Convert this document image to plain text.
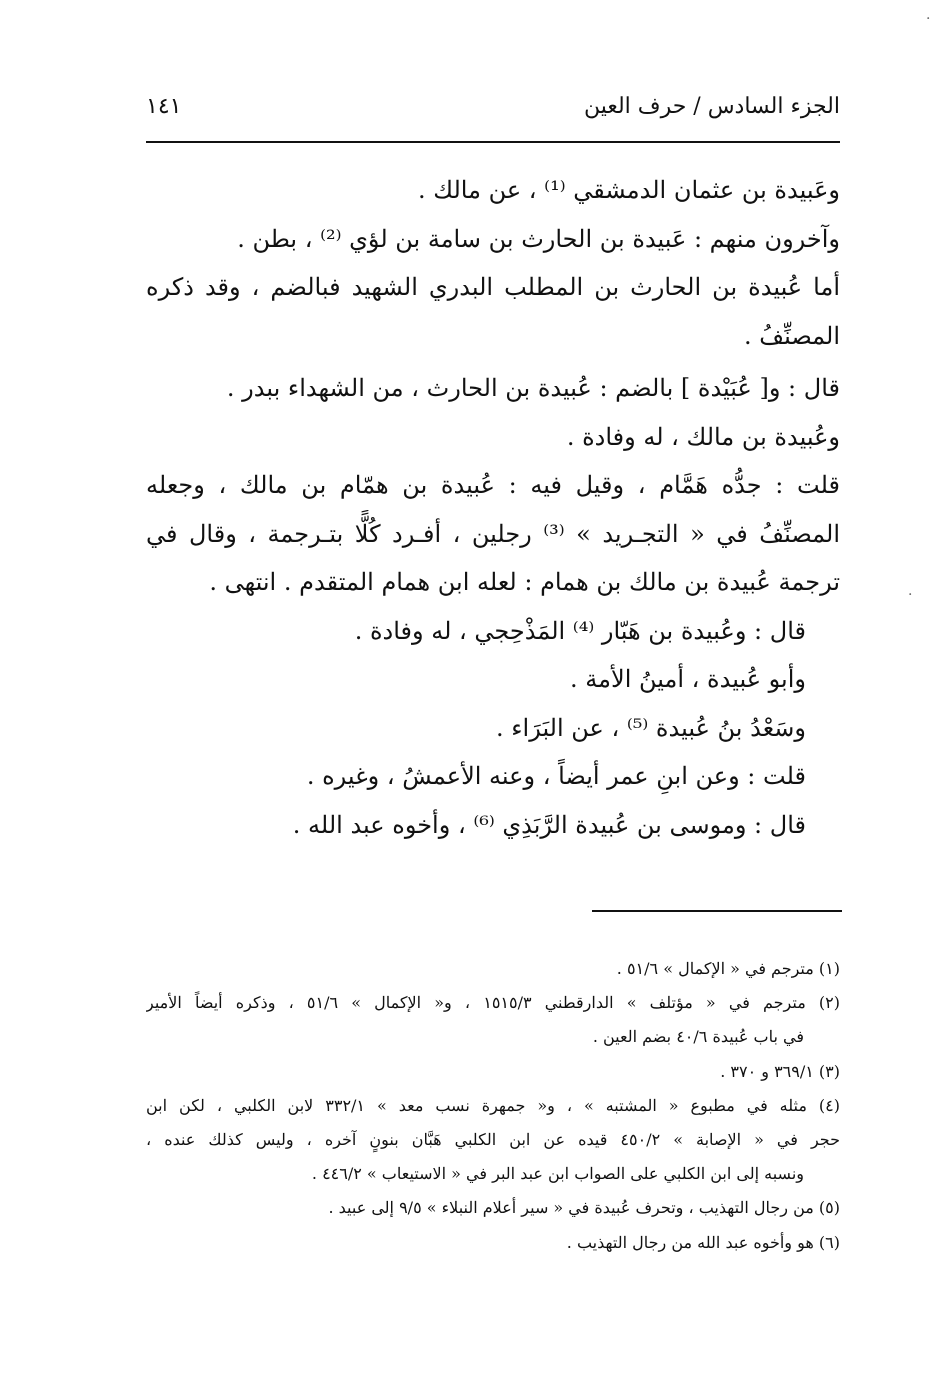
الجزء السادس / حرف العين
١٤١
وعَبيدة بن عثمان الدمشقي ⁽¹⁾ ، عن مالك .
وآخرون منهم : عَبيدة بن الحارث بن سامة بن لؤي ⁽²⁾ ، بطن .
أما عُبيدة بن الحارث بن المطلب البدري الشهيد فبالضم ، وقد ذكره
المصنِّفُ .
قال : و[ عُبَيْدة ] بالضم : عُبيدة بن الحارث ، من الشهداء ببدر .
وعُبيدة بن مالك ، له وفادة .
قلت : جدُّه هَمَّام ، وقيل فيه : عُبيدة بن همّام بن مالك ، وجعله
المصنِّفُ في « التجـريد » ⁽³⁾ رجلين ، أفـرد كُلًّا بتـرجمة ، وقال في
ترجمة عُبيدة بن مالك بن همام : لعله ابن همام المتقدم . انتهى .
قال : وعُبيدة بن هَبّار ⁽⁴⁾ المَذْحِجي ، له وفادة .
وأبو عُبيدة ، أمينُ الأمة .
وسَعْدُ بنُ عُبيدة ⁽⁵⁾ ، عن البَرَاء .
قلت : وعن ابنِ عمر أيضاً ، وعنه الأعمشُ ، وغيره .
قال : وموسى بن عُبيدة الرَّبَذِي ⁽⁶⁾ ، وأخوه عبد الله .
(١) مترجم في « الإكمال » ٥١/٦ .
(٢) مترجم في « مؤتلف » الدارقطني ١٥١٥/٣ ، و« الإكمال » ٥١/٦ ، وذكره أيضاً الأمير
في باب عُبيدة ٤٠/٦ بضم العين .
(٣) ٣٦٩/١ و ٣٧٠ .
(٤) مثله في مطبوع « المشتبه » ، و« جمهرة نسب معد » ٣٣٢/١ لابن الكلبي ، لكن ابن
حجر في « الإصابة » ٤٥٠/٢ قيده عن ابن الكلبي هَبَّان بنونٍ آخره ، وليس كذلك عنده ،
ونسبه إلى ابن الكلبي على الصواب ابن عبد البر في « الاستيعاب » ٤٤٦/٢ .
(٥) من رجال التهذيب ، وتحرف عُبيدة في « سير أعلام النبلاء » ٩/٥ إلى عبيد .
(٦) هو وأخوه عبد الله من رجال التهذيب .
·
·
